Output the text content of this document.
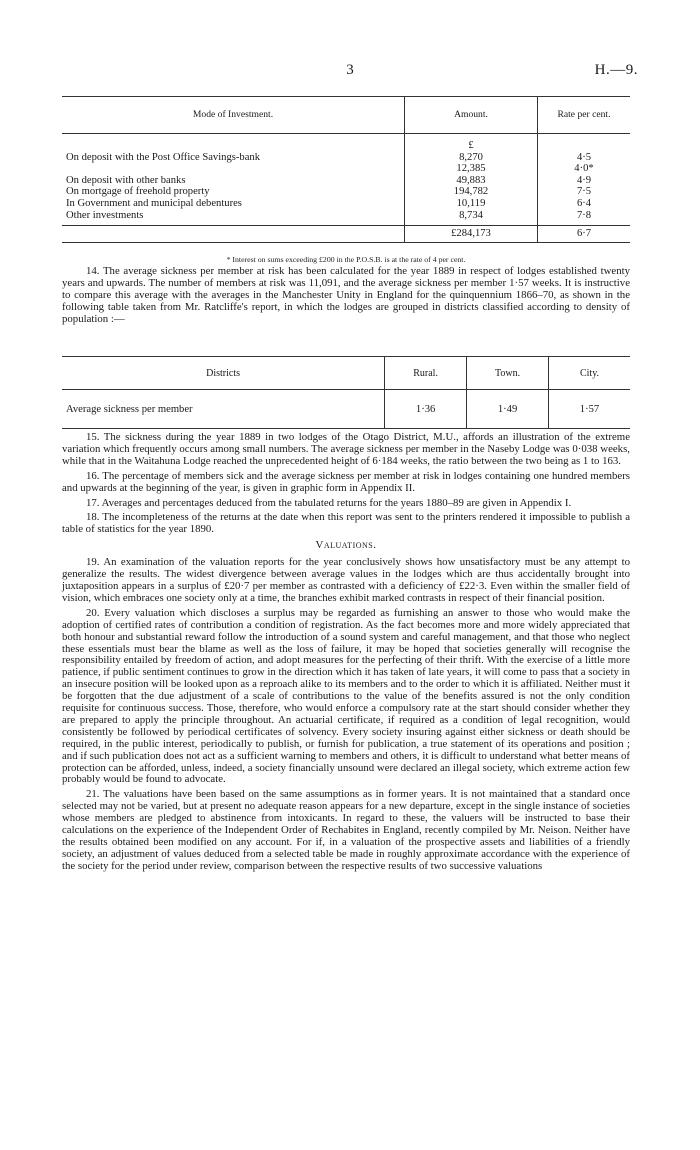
3	H.—9.
Mode of Investment.	Amount.	Rate per cent.
	£	
On deposit with the Post Office Savings-bank	8,270	4·5
	12,385	4·0*
On deposit with other banks	49,883	4·9
On mortgage of freehold property	194,782	7·5
In Government and municipal debentures	10,119	6·4
Other investments	8,734	7·8
	£284,173	6·7
* Interest on sums exceeding £200 in the P.O.S.B. is at the rate of 4 per cent.

14. The average sickness per member at risk has been calculated for the year 1889 in respect of lodges established twenty years and upwards. The number of members at risk was 11,091, and the average sickness per member 1·57 weeks. It is instructive to compare this average with the averages in the Manchester Unity in England for the quinquennium 1866–70, as shown in the following table taken from Mr. Ratcliffe's report, in which the lodges are grouped in districts classified according to density of population :—

Districts	Rural.	Town.	City.
Average sickness per member	1·36	1·49	1·57

15. The sickness during the year 1889 in two lodges of the Otago District, M.U., affords an illustration of the extreme variation which frequently occurs among small numbers. The average sickness per member in the Naseby Lodge was 0·038 weeks, while that in the Waitahuna Lodge reached the unprecedented height of 6·184 weeks, the ratio between the two being as 1 to 163.

16. The percentage of members sick and the average sickness per member at risk in lodges containing one hundred members and upwards at the beginning of the year, is given in graphic form in Appendix II.

17. Averages and percentages deduced from the tabulated returns for the years 1880–89 are given in Appendix I.

18. The incompleteness of the returns at the date when this report was sent to the printers rendered it impossible to publish a table of statistics for the year 1890.

Valuations.

19. An examination of the valuation reports for the year conclusively shows how unsatisfactory must be any attempt to generalize the results. The widest divergence between average values in the lodges which are thus accidentally brought into juxtaposition appears in a surplus of £20·7 per member as contrasted with a deficiency of £22·3. Even within the smaller field of vision, which embraces one society only at a time, the branches exhibit marked contrasts in respect of their financial position.

20. Every valuation which discloses a surplus may be regarded as furnishing an answer to those who would make the adoption of certified rates of contribution a condition of registration. As the fact becomes more and more widely appreciated that both honour and substantial reward follow the introduction of a sound system and careful management, and that those who neglect these essentials must bear the blame as well as the loss of failure, it may be hoped that societies generally will recognise the responsibility entailed by freedom of action, and adopt measures for the perfecting of their thrift. With the exercise of a little more patience, if public sentiment continues to grow in the direction which it has taken of late years, it will come to pass that a society in an insecure position will be looked upon as a reproach alike to its members and to the order to which it is affiliated. Neither must it be forgotten that the due adjustment of a scale of contributions to the value of the benefits assured is not the only condition requisite for continuous success. Those, therefore, who would enforce a compulsory rate at the start should consider whether they are prepared to apply the principle throughout. An actuarial certificate, if required as a condition of legal recognition, would consistently be followed by periodical certificates of solvency. Every society insuring against either sickness or death should be required, in the public interest, periodically to publish, or furnish for publication, a true statement of its operations and position ; and if such publication does not act as a sufficient warning to members and others, it is difficult to understand what better means of protection can be afforded, unless, indeed, a society financially unsound were declared an illegal society, which extreme action few probably would be found to advocate.

21. The valuations have been based on the same assumptions as in former years. It is not maintained that a standard once selected may not be varied, but at present no adequate reason appears for a new departure, except in the single instance of societies whose members are pledged to abstinence from intoxicants. In regard to these, the valuers will be instructed to base their calculations on the experience of the Independent Order of Rechabites in England, recently compiled by Mr. Neison. Neither have the results obtained been modified on any account. For if, in a valuation of the prospective assets and liabilities of a friendly society, an adjustment of values deduced from a selected table be made in roughly approximate accordance with the experience of the society for the period under review, comparison between the respective results of two successive valuations
